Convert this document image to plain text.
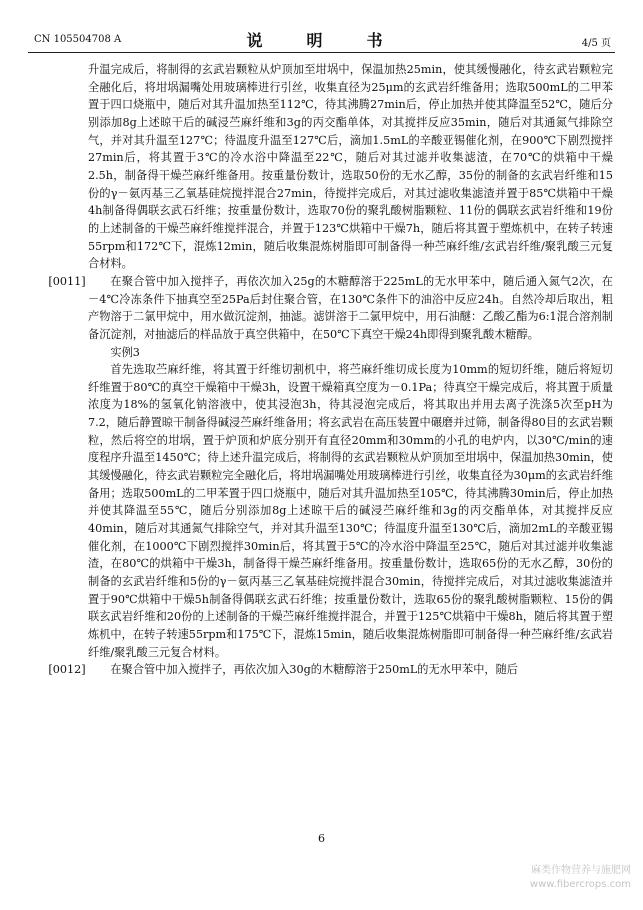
CN 105504708 A	说　明　书	4/5 页

升温完成后，将制得的玄武岩颗粒从炉顶加至坩埚中，保温加热25min，使其缓慢融化，待玄武岩颗粒完全融化后，将坩埚漏嘴处用玻璃棒进行引丝，收集直径为25μm的玄武岩纤维备用；选取500mL的二甲苯置于四口烧瓶中，随后对其升温加热至112℃，待其沸腾27min后，停止加热并使其降温至52℃，随后分别添加8g上述晾干后的碱浸苎麻纤维和3g的丙交酯单体，对其搅拌反应35min，随后对其通氮气排除空气，并对其升温至127℃；待温度升温至127℃后，滴加1.5mL的辛酸亚锡催化剂，在900℃下剧烈搅拌27min后，将其置于3℃的冷水浴中降温至22℃，随后对其过滤并收集滤渣，在70℃的烘箱中干燥2.5h，制备得干燥苎麻纤维备用。按重量份数计，选取50份的无水乙醇，35份的制备的玄武岩纤维和15份的γ－氨丙基三乙氧基硅烷搅拌混合27min，待搅拌完成后，对其过滤收集滤渣并置于85℃烘箱中干燥4h制备得偶联玄武石纤维；按重量份数计，选取70份的聚乳酸树脂颗粒、11份的偶联玄武岩纤维和19份的上述制备的干燥苎麻纤维搅拌混合，并置于123℃烘箱中干燥7h，随后将其置于塑炼机中，在转子转速55rpm和172℃下，混炼12min，随后收集混炼树脂即可制备得一种苎麻纤维/玄武岩纤维/聚乳酸三元复合材料。

[0011] 在聚合管中加入搅拌子，再依次加入25g的木糖醇溶于225mL的无水甲苯中，随后通入氮气2次，在－4℃冷冻条件下抽真空至25Pa后封住聚合管，在130℃条件下的油浴中反应24h。自然冷却后取出，粗产物溶于二氯甲烷中，用水做沉淀剂，抽滤。滤饼溶于二氯甲烷中，用石油醚：乙酸乙酯为6:1混合溶剂制备沉淀剂，对抽滤后的样品放于真空供箱中，在50℃下真空干燥24h即得到聚乳酸木糖醇。

实例3

首先选取苎麻纤维，将其置于纤维切割机中，将苎麻纤维切成长度为10mm的短切纤维，随后将短切纤维置于80℃的真空干燥箱中干燥3h，设置干燥箱真空度为－0.1Pa；待真空干燥完成后，将其置于质量浓度为18%的氢氧化钠溶液中，使其浸泡3h，待其浸泡完成后，将其取出并用去离子洗涤5次至pH为7.2，随后静置晾干制备得碱浸苎麻纤维备用；将玄武岩在高压装置中碾磨并过筛，制备得80目的玄武岩颗粒，然后将空的坩埚，置于炉顶和炉底分别开有直径20mm和30mm的小孔的电炉内，以30℃/min的速度程序升温至1450℃；待上述升温完成后，将制得的玄武岩颗粒从炉顶加至坩埚中，保温加热30min，使其缓慢融化，待玄武岩颗粒完全融化后，将坩埚漏嘴处用玻璃棒进行引丝，收集直径为30μm的玄武岩纤维备用；选取500mL的二甲苯置于四口烧瓶中，随后对其升温加热至105℃，待其沸腾30min后，停止加热并使其降温至55℃，随后分别添加8g上述晾干后的碱浸苎麻纤维和3g的丙交酯单体，对其搅拌反应40min，随后对其通氮气排除空气，并对其升温至130℃；待温度升温至130℃后，滴加2mL的辛酸亚锡催化剂，在1000℃下剧烈搅拌30min后，将其置于5℃的冷水浴中降温至25℃，随后对其过滤并收集滤渣，在80℃的烘箱中干燥3h，制备得干燥苎麻纤维备用。按重量份数计，选取65份的无水乙醇，30份的制备的玄武岩纤维和5份的γ－氨丙基三乙氧基硅烷搅拌混合30min，待搅拌完成后，对其过滤收集滤渣并置于90℃烘箱中干燥5h制备得偶联玄武石纤维；按重量份数计，选取65份的聚乳酸树脂颗粒、15份的偶联玄武岩纤维和20份的上述制备的干燥苎麻纤维搅拌混合，并置于125℃烘箱中干燥8h，随后将其置于塑炼机中，在转子转速55rpm和175℃下，混炼15min，随后收集混炼树脂即可制备得一种苎麻纤维/玄武岩纤维/聚乳酸三元复合材料。

[0012] 在聚合管中加入搅拌子，再依次加入30g的木糖醇溶于250mL的无水甲苯中，随后

6
麻类作物营养与施肥网
www.fibercrops.com
